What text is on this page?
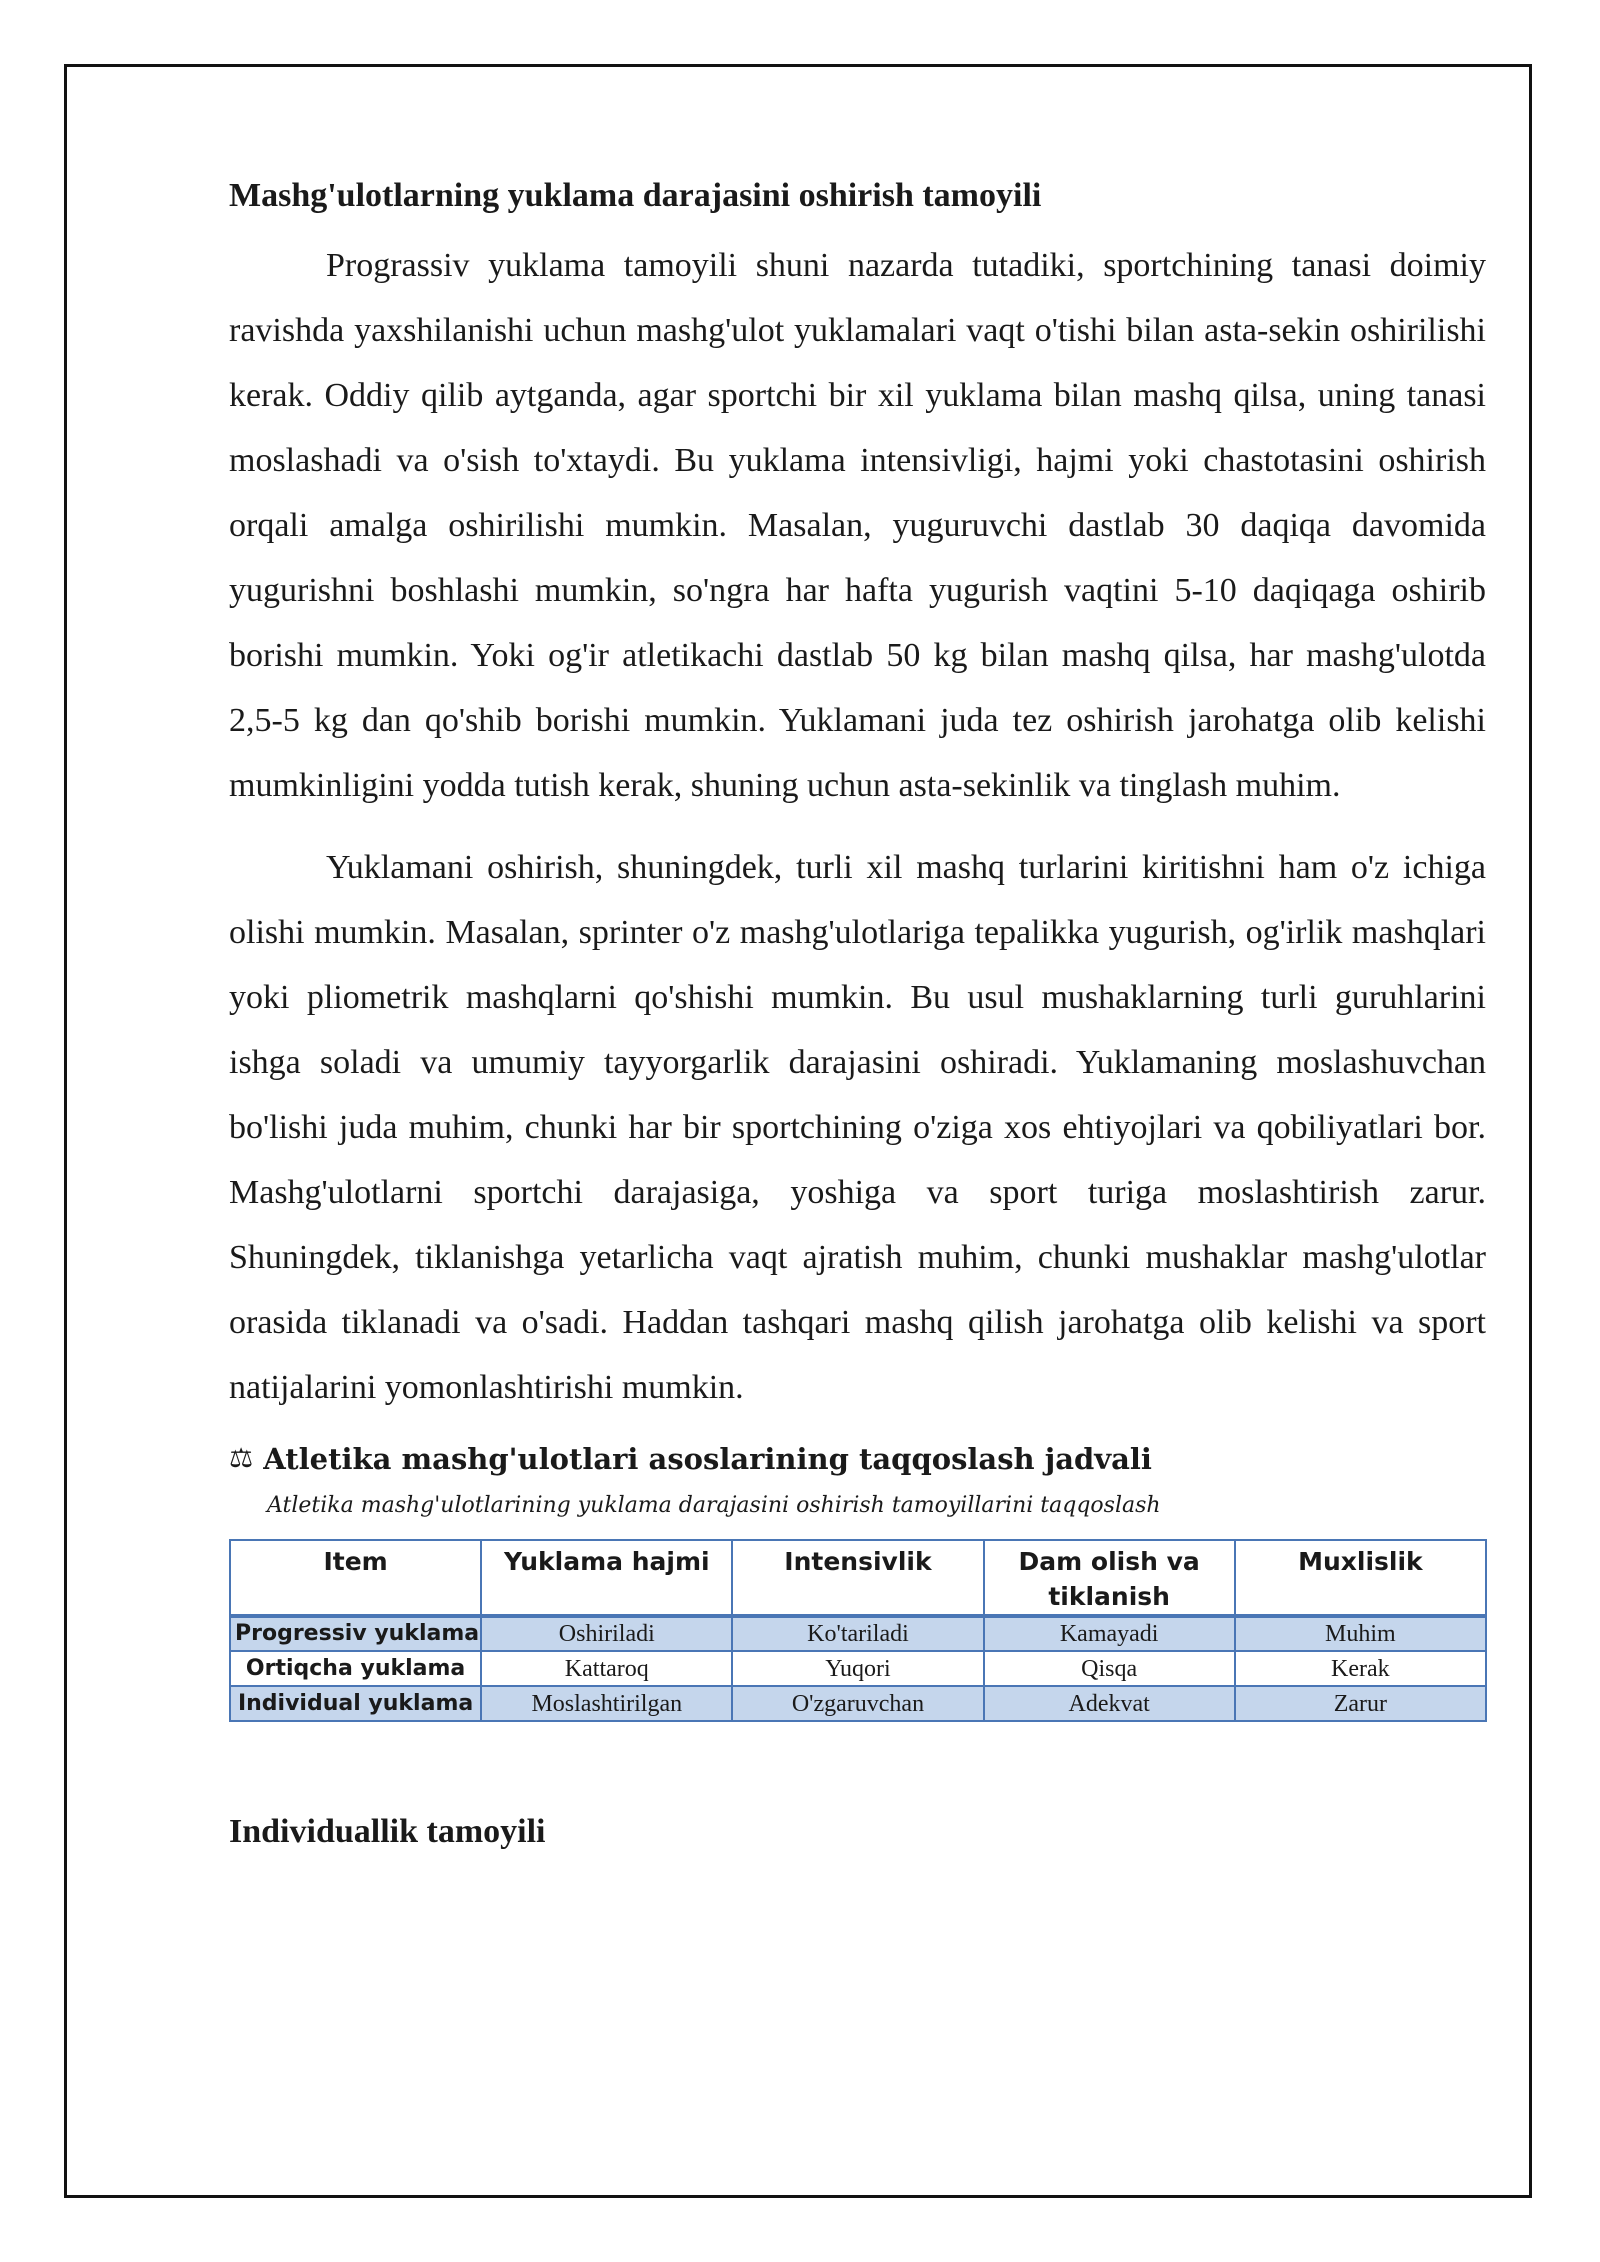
Mashg'ulotlarning yuklama darajasini oshirish tamoyili

Prograssiv yuklama tamoyili shuni nazarda tutadiki, sportchining tanasi doimiy ravishda yaxshilanishi uchun mashg'ulot yuklamalari vaqt o'tishi bilan asta-sekin oshirilishi kerak. Oddiy qilib aytganda, agar sportchi bir xil yuklama bilan mashq qilsa, uning tanasi moslashadi va o'sish to'xtaydi. Bu yuklama intensivligi, hajmi yoki chastotasini oshirish orqali amalga oshirilishi mumkin. Masalan, yuguruvchi dastlab 30 daqiqa davomida yugurishni boshlashi mumkin, so'ngra har hafta yugurish vaqtini 5-10 daqiqaga oshirib borishi mumkin. Yoki og'ir atletikachi dastlab 50 kg bilan mashq qilsa, har mashg'ulotda 2,5-5 kg dan qo'shib borishi mumkin. Yuklamani juda tez oshirish jarohatga olib kelishi mumkinligini yodda tutish kerak, shuning uchun asta-sekinlik va tinglash muhim.

Yuklamani oshirish, shuningdek, turli xil mashq turlarini kiritishni ham o'z ichiga olishi mumkin. Masalan, sprinter o'z mashg'ulotlariga tepalikka yugurish, og'irlik mashqlari yoki pliometrik mashqlarni qo'shishi mumkin. Bu usul mushaklarning turli guruhlarini ishga soladi va umumiy tayyorgarlik darajasini oshiradi. Yuklamaning moslashuvchan bo'lishi juda muhim, chunki har bir sportchining o'ziga xos ehtiyojlari va qobiliyatlari bor. Mashg'ulotlarni sportchi darajasiga, yoshiga va sport turiga moslashtirish zarur. Shuningdek, tiklanishga yetarlicha vaqt ajratish muhim, chunki mushaklar mashg'ulotlar orasida tiklanadi va o'sadi. Haddan tashqari mashq qilish jarohatga olib kelishi va sport natijalarini yomonlashtirishi mumkin.

⚖ Atletika mashg'ulotlari asoslarining taqqoslash jadvali
Atletika mashg'ulotlarining yuklama darajasini oshirish tamoyillarini taqqoslash
Item	Yuklama hajmi	Intensivlik	Dam olish va tiklanish	Muxlislik
Progressiv yuklama	Oshiriladi	Ko'tariladi	Kamayadi	Muhim
Ortiqcha yuklama	Kattaroq	Yuqori	Qisqa	Kerak
Individual yuklama	Moslashtirilgan	O'zgaruvchan	Adekvat	Zarur
Individuallik tamoyili
